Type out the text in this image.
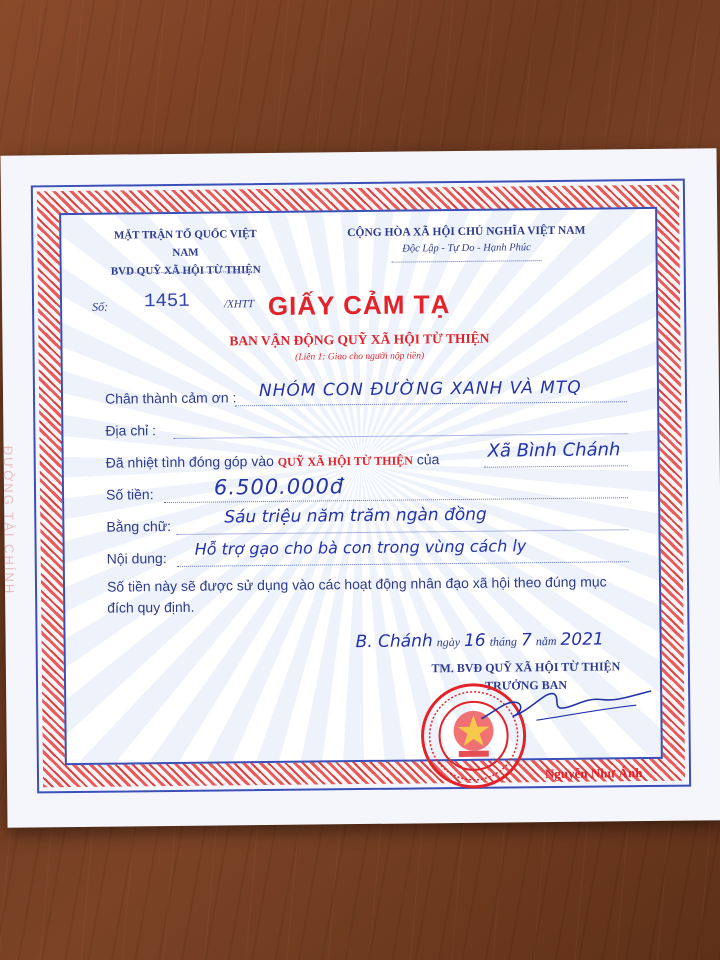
ĐƯỜNG TÀI CHÍNH
MẶT TRẬN TỔ QUỐC VIỆT NAM
BVD QUỸ XÃ HỘI TỪ THIỆN
CỘNG HÒA XÃ HỘI CHỦ NGHĨA VIỆT NAM
Độc Lập - Tự Do - Hạnh Phúc
Số: 1451	/XHTT GIẤY CẢM TẠ
BAN VẬN ĐỘNG QUỸ XÃ HỘI TỪ THIỆN
(Liên 1: Giao cho người nộp tiền)
Chân thành cảm ơn : NHÓM CON ĐƯỜNG XANH VÀ MTQ
Địa chỉ :
Đã nhiệt tình đóng góp vào QUỸ XÃ HỘI TỪ THIỆN của	Xã Bình Chánh
Số tiền:	6.500.000đ
Bằng chữ:	Sáu triệu năm trăm ngàn đồng
Nội dung: Hỗ trợ gạo cho bà con trong vùng cách ly
Số tiền này sẽ được sử dụng vào các hoạt động nhân đạo xã hội theo đúng mục đích quy định.
B. Chánh ngày 16 tháng 7 năm 2021
TM. BVĐ QUỸ XÃ HỘI TỪ THIỆN
TRƯỞNG BAN
Nguyễn Như Ánh
